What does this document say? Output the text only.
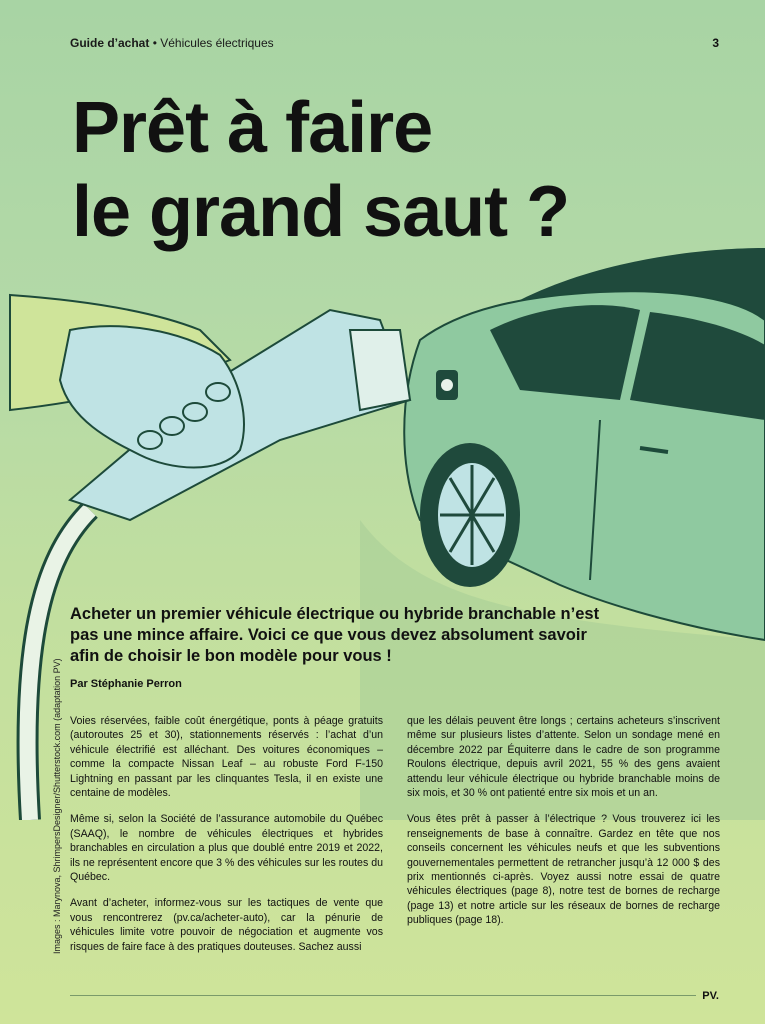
Guide d’achat • Véhicules électriques	3
Prêt à faire
le grand saut ?

Acheter un premier véhicule électrique ou hybride branchable n’est pas une mince affaire. Voici ce que vous devez absolument savoir afin de choisir le bon modèle pour vous !

Par Stéphanie Perron

Voies réservées, faible coût énergétique, ponts à péage gratuits (autoroutes 25 et 30), stationnements réservés : l’achat d’un véhicule électrifié est alléchant. Des voitures économiques – comme la compacte Nissan Leaf – au robuste Ford F-150 Lightning en passant par les clinquantes Tesla, il en existe une centaine de modèles.

Même si, selon la Société de l’assurance automobile du Québec (SAAQ), le nombre de véhicules électriques et hybrides branchables en circulation a plus que doublé entre 2019 et 2022, ils ne représentent encore que 3 % des véhicules sur les routes du Québec.

Avant d’acheter, informez-vous sur les tactiques de vente que vous rencontrerez (pv.ca/acheter-auto), car la pénurie de véhicules limite votre pouvoir de négociation et augmente vos risques de faire face à des pratiques douteuses. Sachez aussi

que les délais peuvent être longs ; certains acheteurs s’inscrivent même sur plusieurs listes d’attente. Selon un sondage mené en décembre 2022 par Équiterre dans le cadre de son programme Roulons électrique, depuis avril 2021, 55 % des gens avaient attendu leur véhicule électrique ou hybride branchable moins de six mois, et 30 % ont patienté entre six mois et un an.

Vous êtes prêt à passer à l’électrique ? Vous trouverez ici les renseignements de base à connaître. Gardez en tête que nos conseils concernent les véhicules neufs et que les subventions gouvernementales permettent de retrancher jusqu’à 12 000 $ des prix mentionnés ci-après. Voyez aussi notre essai de quatre véhicules électriques (page 8), notre test de bornes de recharge (page 13) et notre article sur les réseaux de bornes de recharge publiques (page 18).

Images : Marynova, ShrimpersDesigner/Shutterstock.com (adaptation PV)
PV.
